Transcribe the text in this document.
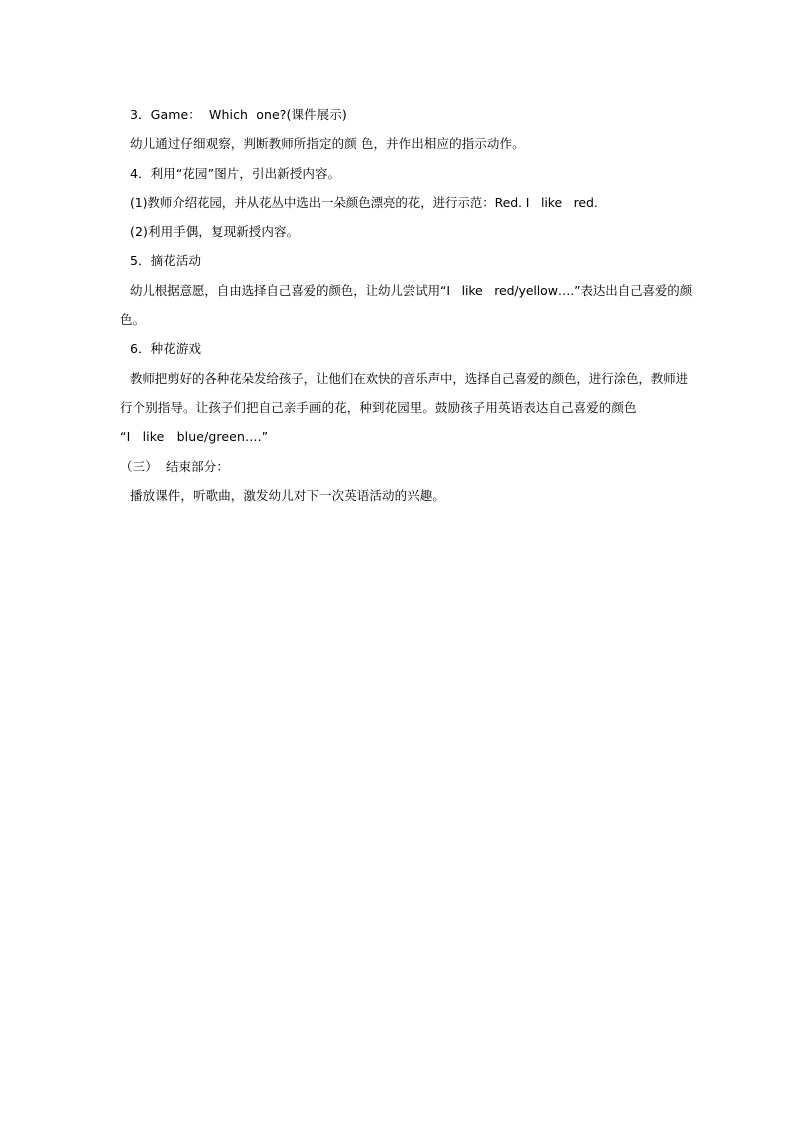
3．Game：  Which  one?(课件展示)
幼儿通过仔细观察，判断教师所指定的颜 色，并作出相应的指示动作。
4．利用“花园”图片，引出新授内容。
(1)教师介绍花园，并从花丛中选出一朵颜色漂亮的花，进行示范：Red. I   like   red.
(2)利用手偶，复现新授内容。
5．摘花活动
幼儿根据意愿，自由选择自己喜爱的颜色，让幼儿尝试用“I   like   red/yellow….”表达出自己喜爱的颜
色。
6．种花游戏
教师把剪好的各种花朵发给孩子，让他们在欢快的音乐声中，选择自己喜爱的颜色，进行涂色，教师进
行个别指导。让孩子们把自己亲手画的花，种到花园里。鼓励孩子用英语表达自己喜爱的颜色
“I   like   blue/green….”
（三）  结束部分：
播放课件，听歌曲，激发幼儿对下一次英语活动的兴趣。
